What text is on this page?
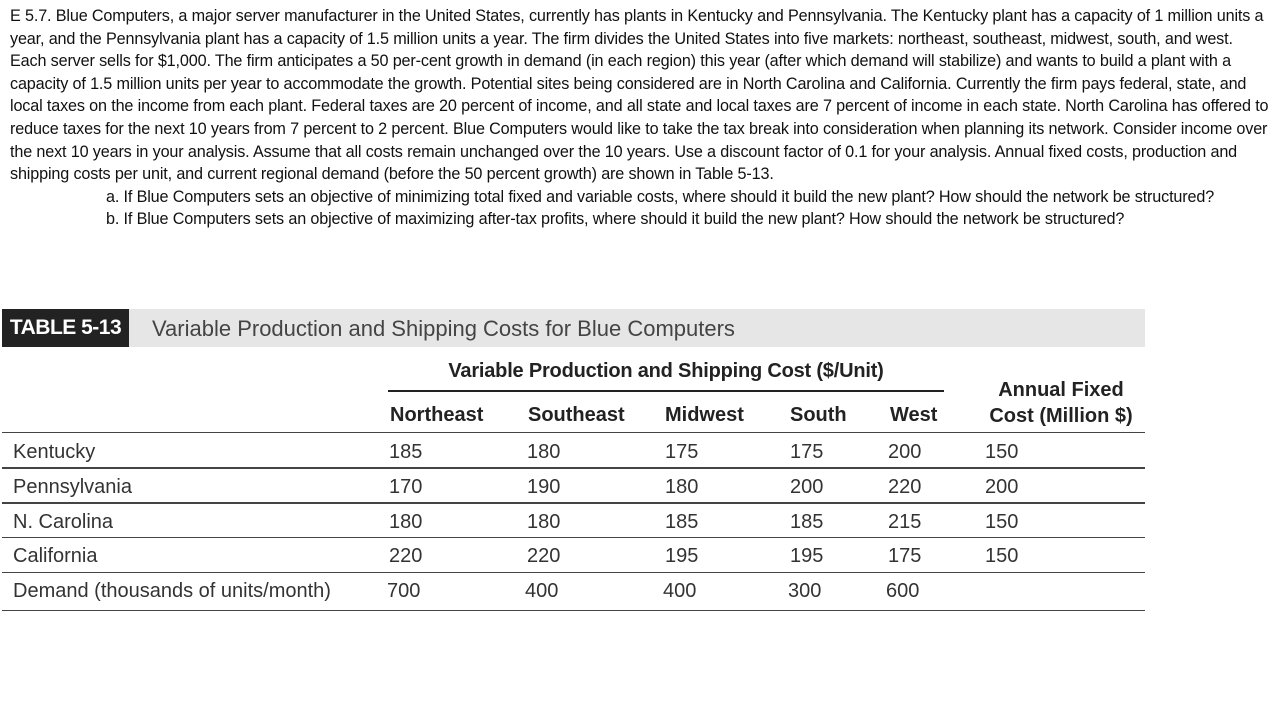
E 5.7. Blue Computers, a major server manufacturer in the United States, currently has plants in Kentucky and Pennsylvania. The Kentucky plant has a capacity of 1 million units a year, and the Pennsylvania plant has a capacity of 1.5 million units a year. The firm divides the United States into five markets: northeast, southeast, midwest, south, and west. Each server sells for $1,000. The firm anticipates a 50 per-cent growth in demand (in each region) this year (after which demand will stabilize) and wants to build a plant with a capacity of 1.5 million units per year to accommodate the growth. Potential sites being considered are in North Carolina and California. Currently the firm pays federal, state, and local taxes on the income from each plant. Federal taxes are 20 percent of income, and all state and local taxes are 7 percent of income in each state. North Carolina has offered to reduce taxes for the next 10 years from 7 percent to 2 percent. Blue Computers would like to take the tax break into consideration when planning its network. Consider income over the next 10 years in your analysis. Assume that all costs remain unchanged over the 10 years. Use a discount factor of 0.1 for your analysis. Annual fixed costs, production and shipping costs per unit, and current regional demand (before the 50 percent growth) are shown in Table 5-13.

a. If Blue Computers sets an objective of minimizing total fixed and variable costs, where should it build the new plant? How should the network be structured?

b. If Blue Computers sets an objective of maximizing after-tax profits, where should it build the new plant? How should the network be structured?

TABLE 5-13	Variable Production and Shipping Costs for Blue Computers
Variable Production and Shipping Cost ($/Unit)
Annual Fixed
Cost (Million $)
Northeast Southeast Midwest South West
Kentucky	185	180	175	175	200	150
Pennsylvania	170	190	180	200	220	200
N. Carolina	180	180	185	185	215	150
California	220	220	195	195	175	150
Demand (thousands of units/month)	700	400	400	300	600
